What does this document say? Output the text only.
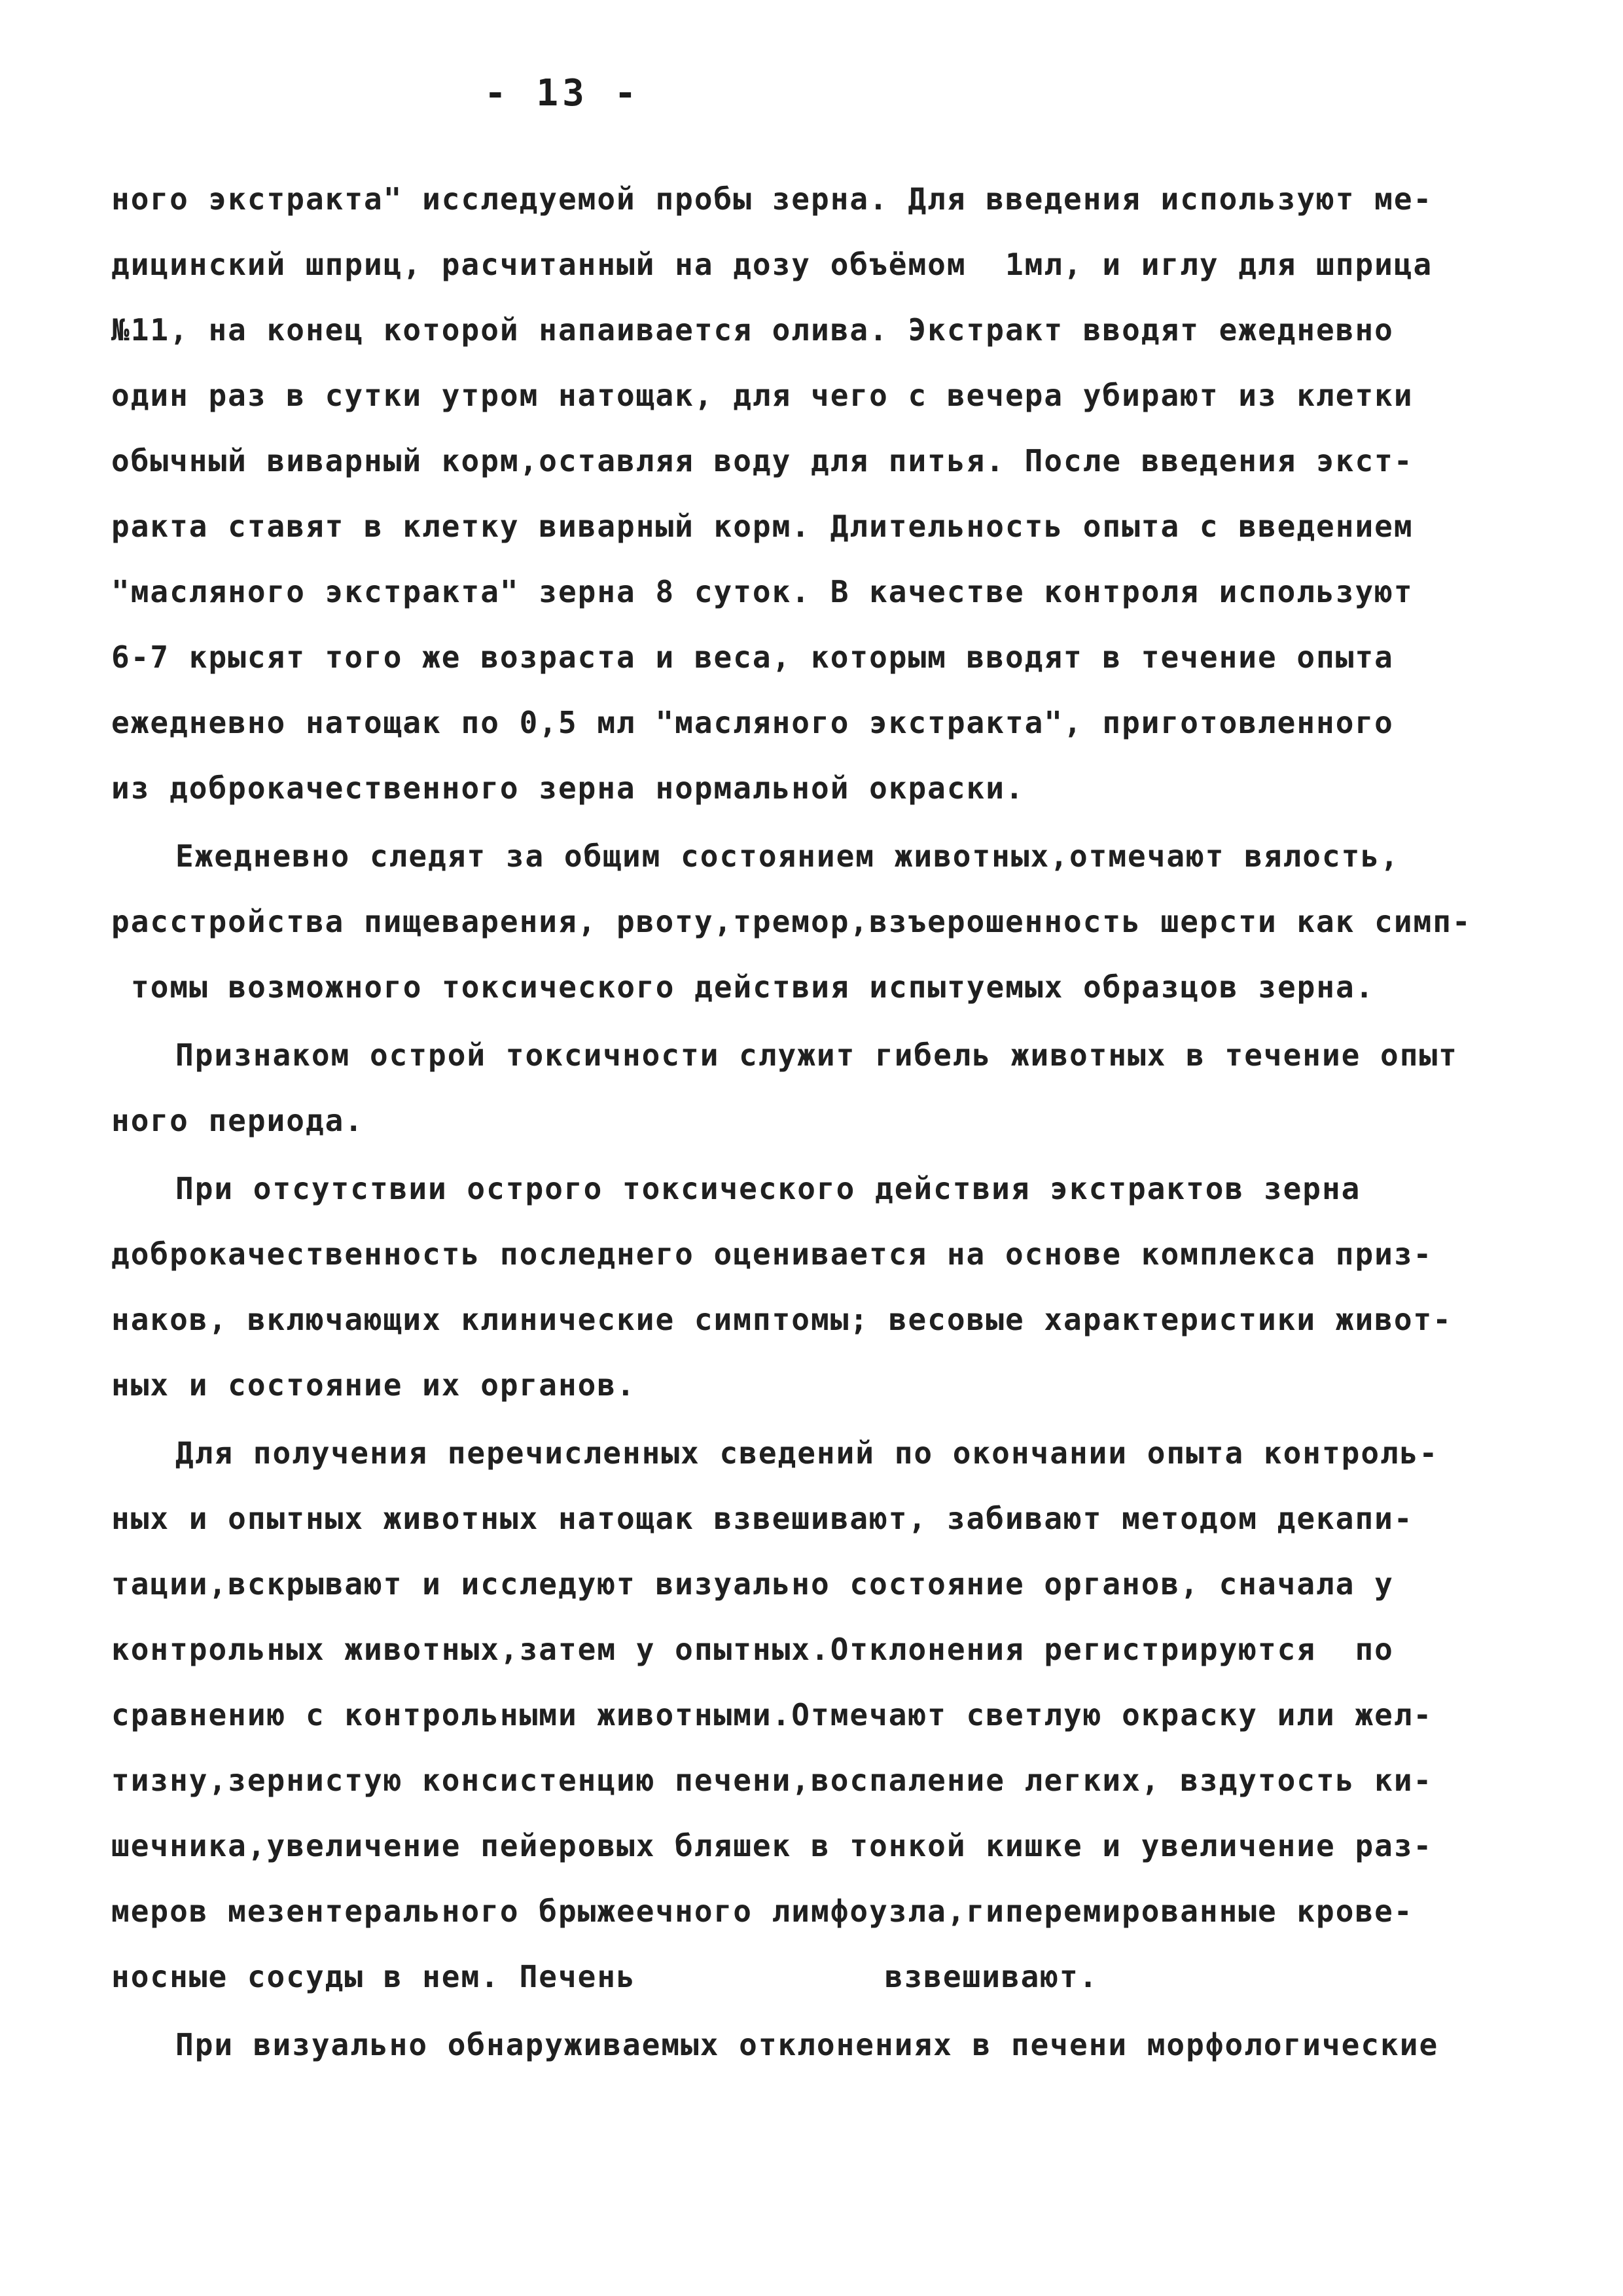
- 13 -
ного экстракта" исследуемой пробы зерна. Для введения используют ме-
дицинский шприц, расчитанный на дозу объёмом  1мл, и иглу для шприца
№11, на конец которой напаивается олива. Экстракт вводят ежедневно
один раз в сутки утром натощак, для чего с вечера убирают из клетки
обычный виварный корм,оставляя воду для питья. После введения экст-
ракта ставят в клетку виварный корм. Длительность опыта с введением
"масляного экстракта" зерна 8 суток. В качестве контроля используют
6-7 крысят того же возраста и веса, которым вводят в течение опыта
ежедневно натощак по 0,5 мл "масляного экстракта", приготовленного
из доброкачественного зерна нормальной окраски.
Ежедневно следят за общим состоянием животных,отмечают вялость,
расстройства пищеварения, рвоту,тремор,взъерошенность шерсти как симп-
томы возможного токсического действия испытуемых образцов зерна.
Признаком острой токсичности служит гибель животных в течение опыт
ного периода.
При отсутствии острого токсического действия экстрактов зерна
доброкачественность последнего оценивается на основе комплекса приз-
наков, включающих клинические симптомы; весовые характеристики живот-
ных и состояние их органов.
Для получения перечисленных сведений по окончании опыта контроль-
ных и опытных животных натощак взвешивают, забивают методом декапи-
тации,вскрывают и исследуют визуально состояние органов, сначала у
контрольных животных,затем у опытных.Отклонения регистрируются  по
сравнению с контрольными животными.Отмечают светлую окраску или жел-
тизну,зернистую консистенцию печени,воспаление легких, вздутость ки-
шечника,увеличение пейеровых бляшек в тонкой кишке и увеличение раз-
меров мезентерального брыжеечного лимфоузла,гиперемированные крове-
носные сосуды в нем. Печень	взвешивают.
При визуально обнаруживаемых отклонениях в печени морфологические
